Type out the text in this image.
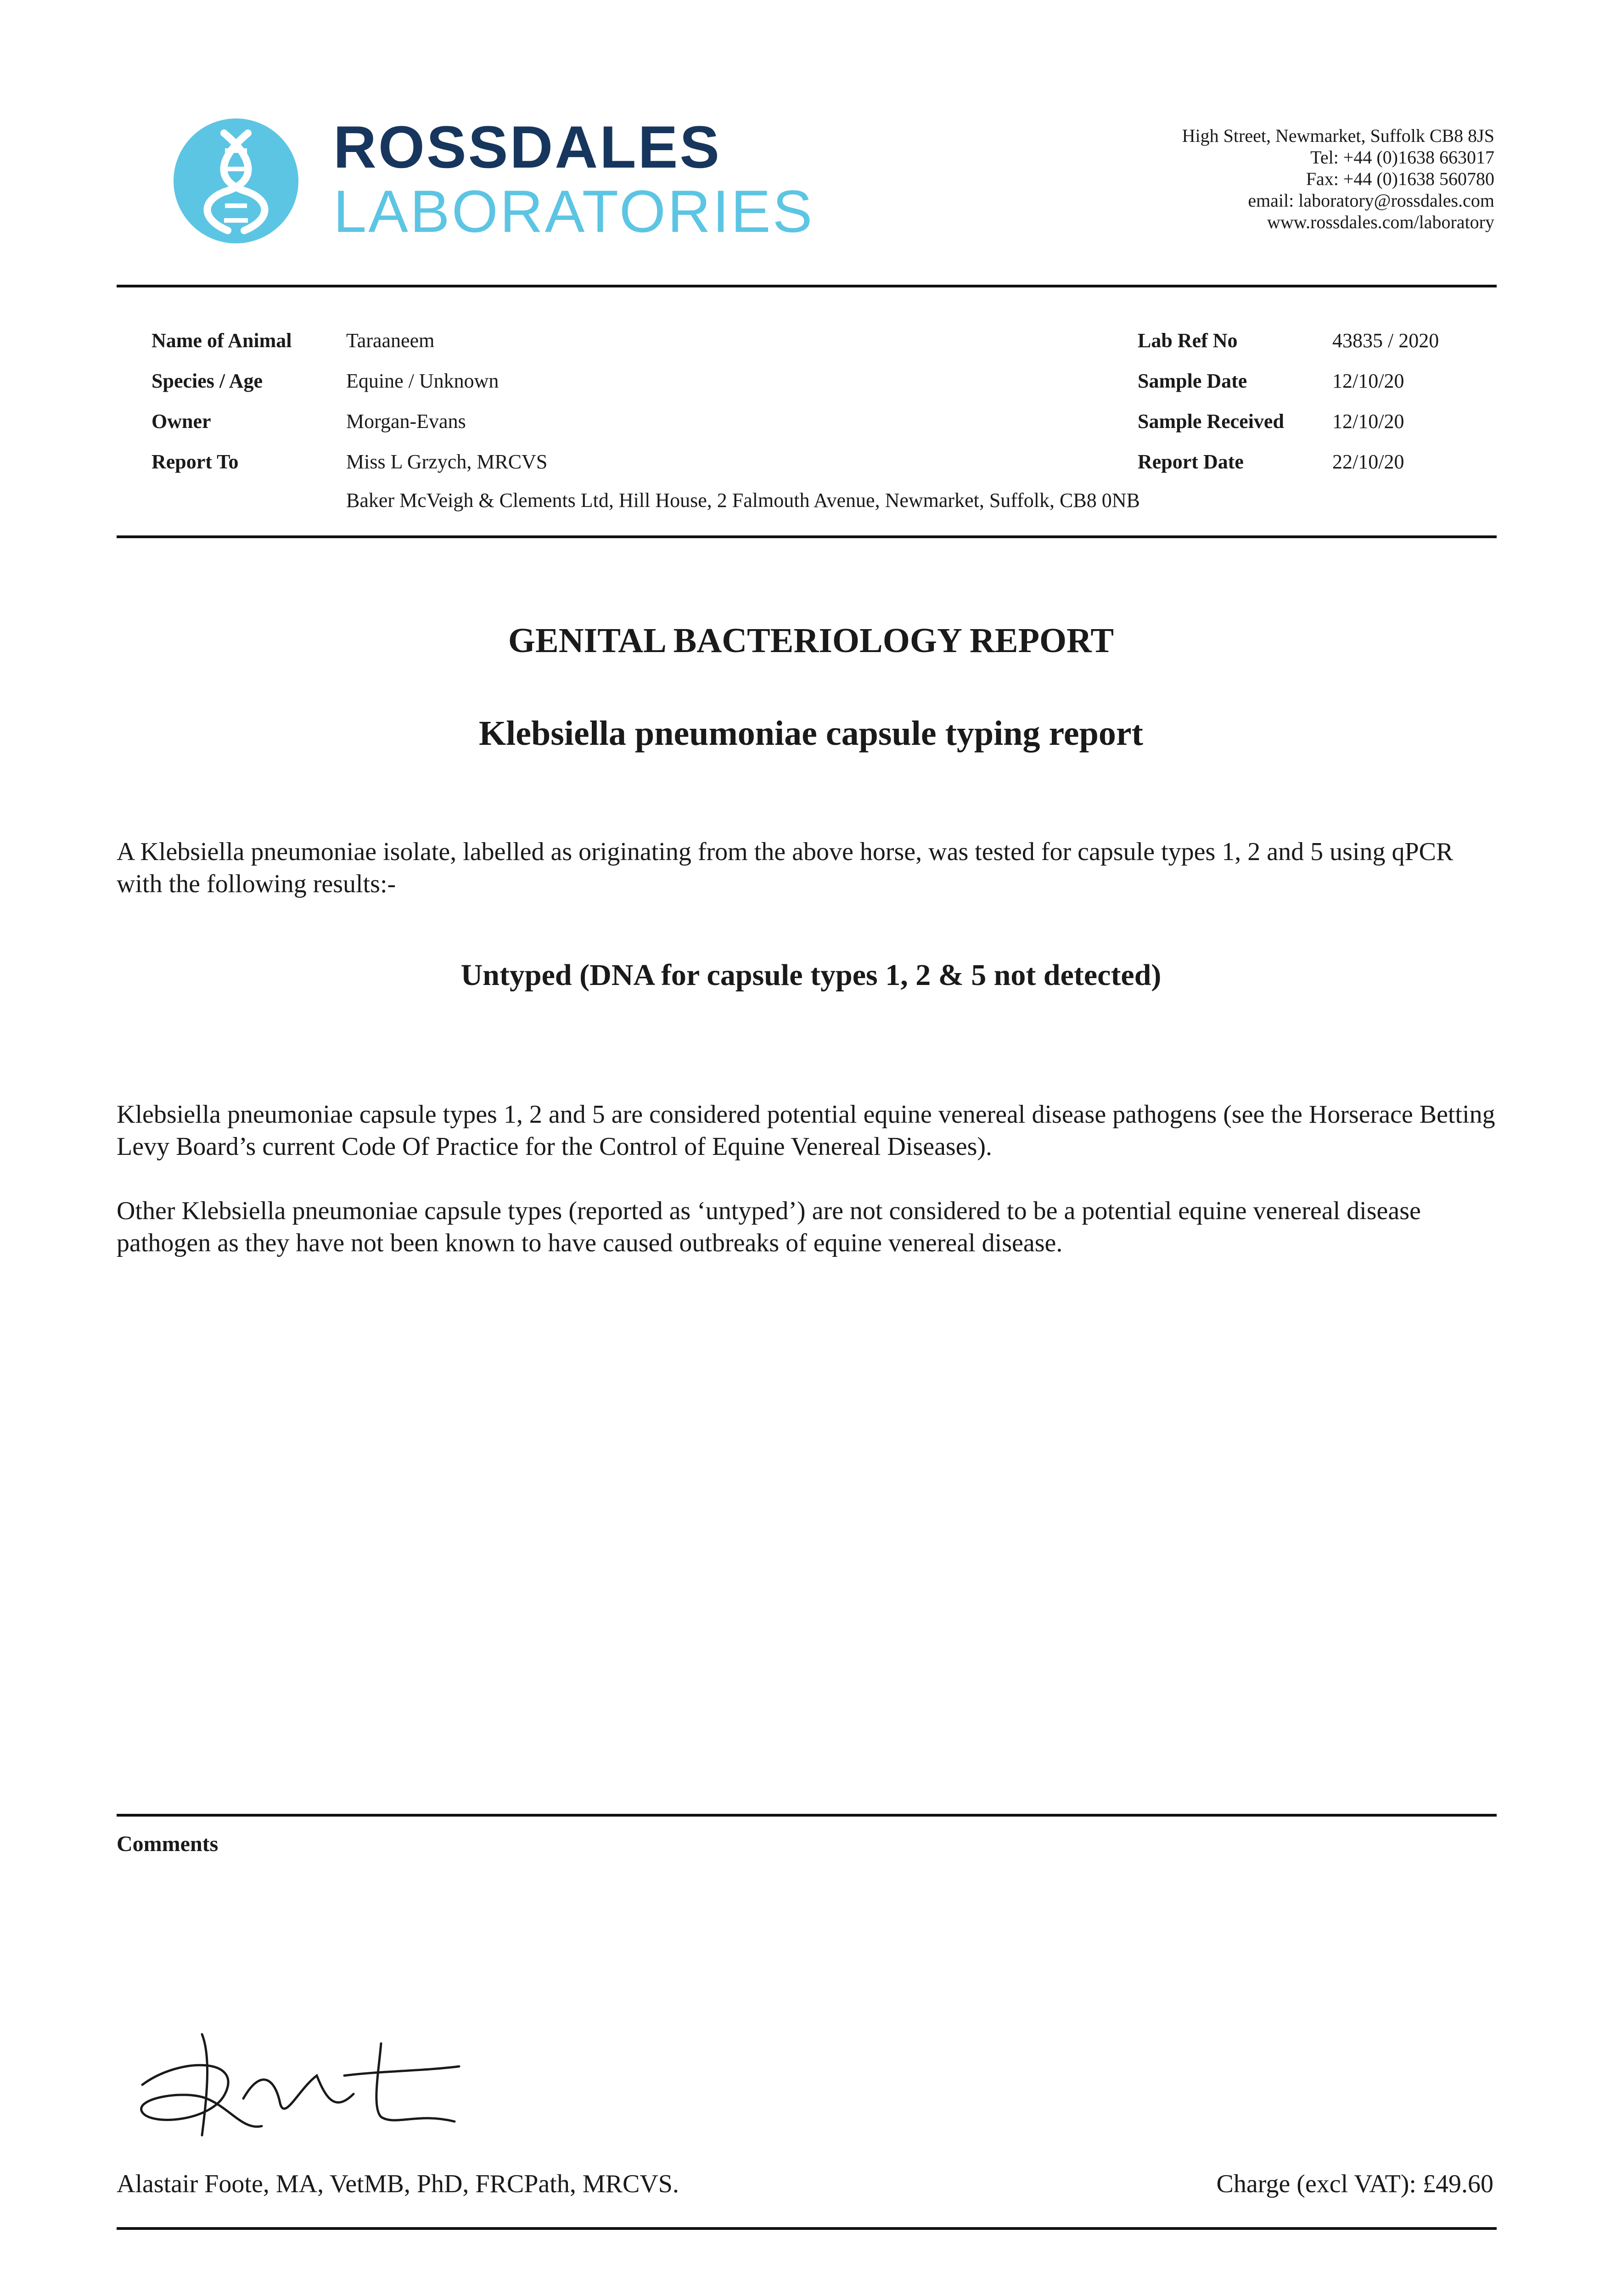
ROSSDALES
LABORATORIES
High Street, Newmarket, Suffolk CB8 8JS
Tel: +44 (0)1638 663017
Fax: +44 (0)1638 560780
email: laboratory@rossdales.com
www.rossdales.com/laboratory
Name of Animal	Taraaneem
Species / Age	Equine / Unknown
Owner	Morgan-Evans
Report To	Miss L Grzych, MRCVS
Baker McVeigh & Clements Ltd, Hill House, 2 Falmouth Avenue, Newmarket, Suffolk, CB8 0NB
Lab Ref No	43835 / 2020
Sample Date	12/10/20
Sample Received 12/10/20
Report Date	22/10/20
GENITAL BACTERIOLOGY REPORT
Klebsiella pneumoniae capsule typing report
A Klebsiella pneumoniae isolate, labelled as originating from the above horse, was tested for capsule types 1, 2 and 5 using qPCR with the following results:-
Untyped (DNA for capsule types 1, 2 & 5 not detected)
Klebsiella pneumoniae capsule types 1, 2 and 5 are considered potential equine venereal disease pathogens (see the Horserace Betting Levy Board’s current Code Of Practice for the Control of Equine Venereal Diseases).
Other Klebsiella pneumoniae capsule types (reported as ‘untyped’) are not considered to be a potential equine venereal disease pathogen as they have not been known to have caused outbreaks of equine venereal disease.
Comments
Alastair Foote, MA, VetMB, PhD, FRCPath, MRCVS.	Charge (excl VAT): £49.60
